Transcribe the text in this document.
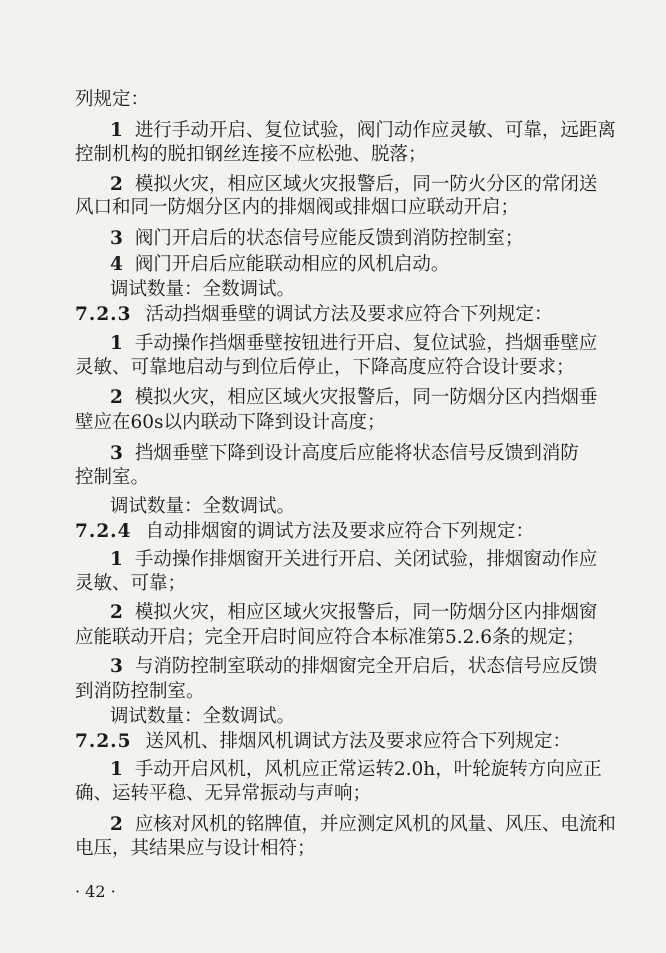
列规定：
1 进行手动开启、复位试验，阀门动作应灵敏、可靠，远距离
控制机构的脱扣钢丝连接不应松弛、脱落；
2 模拟火灾，相应区域火灾报警后，同一防火分区的常闭送
风口和同一防烟分区内的排烟阀或排烟口应联动开启；
3 阀门开启后的状态信号应能反馈到消防控制室；
4 阀门开启后应能联动相应的风机启动。
调试数量：全数调试。
7.2.3 活动挡烟垂壁的调试方法及要求应符合下列规定：
1 手动操作挡烟垂壁按钮进行开启、复位试验，挡烟垂壁应
灵敏、可靠地启动与到位后停止，下降高度应符合设计要求；
2 模拟火灾，相应区域火灾报警后，同一防烟分区内挡烟垂
壁应在60s以内联动下降到设计高度；
3 挡烟垂壁下降到设计高度后应能将状态信号反馈到消防
控制室。
调试数量：全数调试。
7.2.4 自动排烟窗的调试方法及要求应符合下列规定：
1 手动操作排烟窗开关进行开启、关闭试验，排烟窗动作应
灵敏、可靠；
2 模拟火灾，相应区域火灾报警后，同一防烟分区内排烟窗
应能联动开启；完全开启时间应符合本标准第5.2.6条的规定；
3 与消防控制室联动的排烟窗完全开启后，状态信号应反馈
到消防控制室。
调试数量：全数调试。
7.2.5 送风机、排烟风机调试方法及要求应符合下列规定：
1 手动开启风机，风机应正常运转2.0h，叶轮旋转方向应正
确、运转平稳、无异常振动与声响；
2 应核对风机的铭牌值，并应测定风机的风量、风压、电流和
电压，其结果应与设计相符；
· 42 ·
